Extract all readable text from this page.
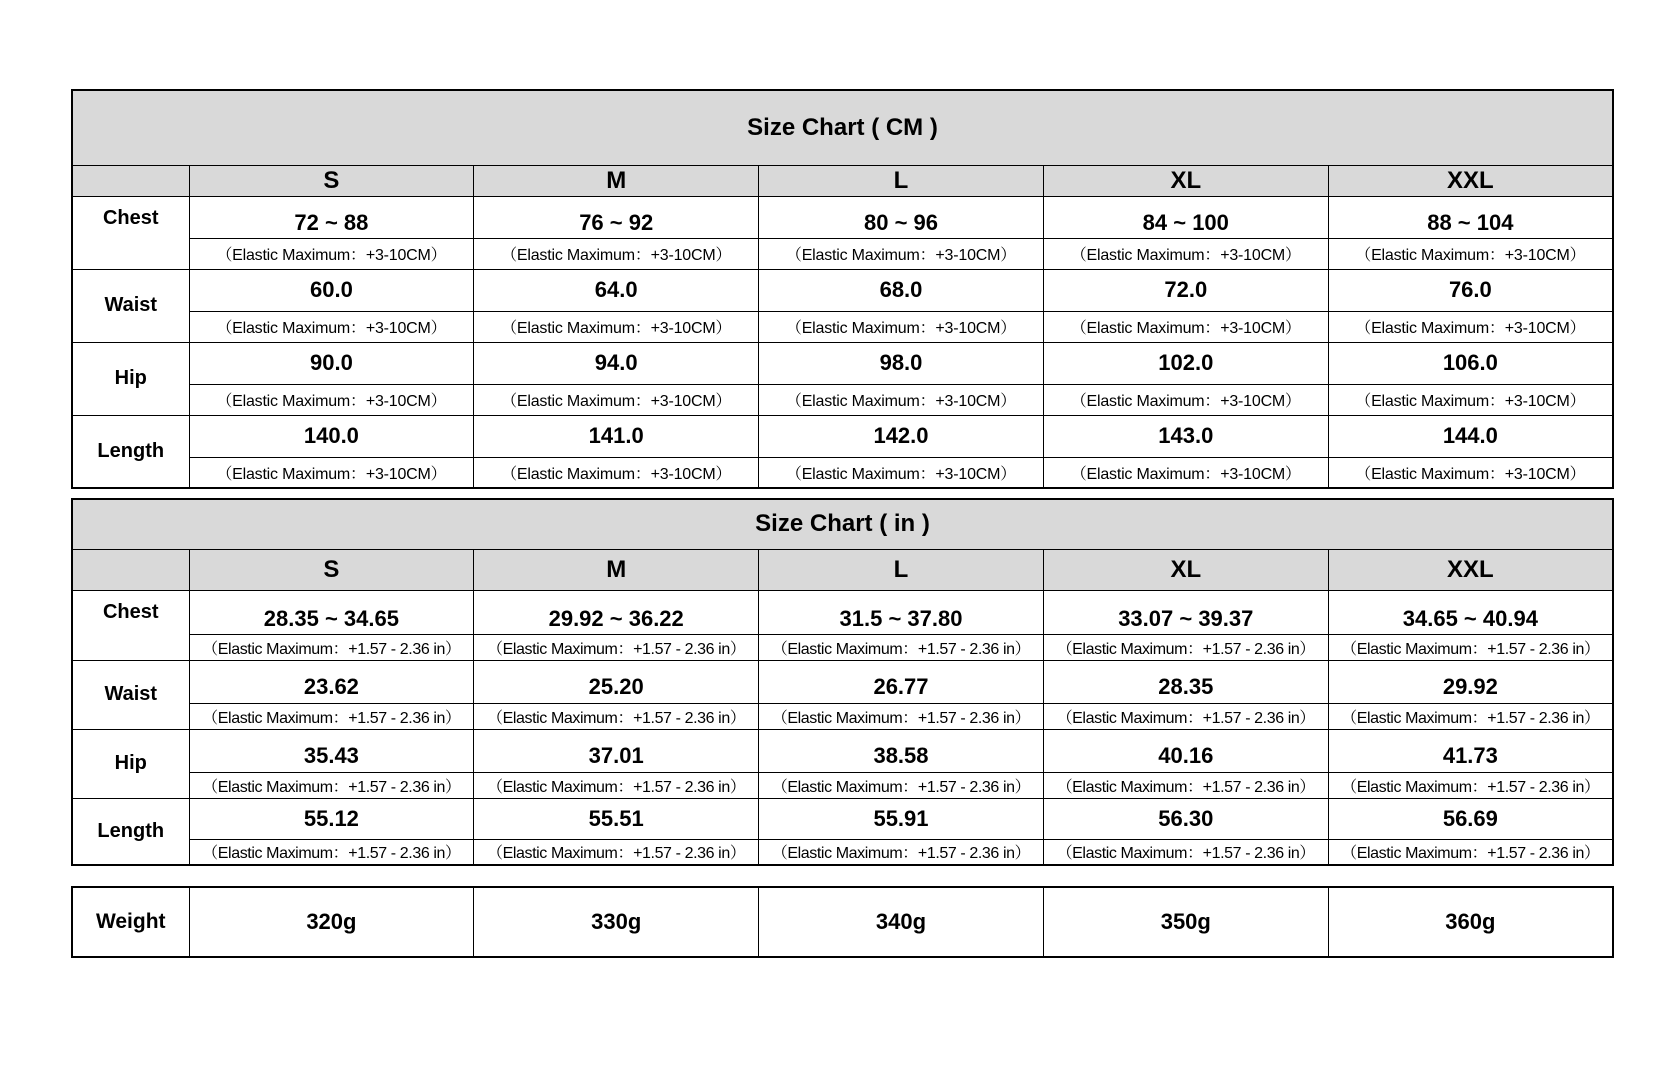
Size Chart ( CM )					
	S	M	L	XL	XXL
Chest	72 ~ 88	76 ~ 92	80 ~ 96	84 ~ 100	88 ~ 104
	（Elastic Maximum：+3-10CM）	（Elastic Maximum：+3-10CM）	（Elastic Maximum：+3-10CM）	（Elastic Maximum：+3-10CM）	（Elastic Maximum：+3-10CM）
Waist	60.0	64.0	68.0	72.0	76.0
	（Elastic Maximum：+3-10CM）	（Elastic Maximum：+3-10CM）	（Elastic Maximum：+3-10CM）	（Elastic Maximum：+3-10CM）	（Elastic Maximum：+3-10CM）
Hip	90.0	94.0	98.0	102.0	106.0
	（Elastic Maximum：+3-10CM）	（Elastic Maximum：+3-10CM）	（Elastic Maximum：+3-10CM）	（Elastic Maximum：+3-10CM）	（Elastic Maximum：+3-10CM）
Length	140.0	141.0	142.0	143.0	144.0
	（Elastic Maximum：+3-10CM）	（Elastic Maximum：+3-10CM）	（Elastic Maximum：+3-10CM）	（Elastic Maximum：+3-10CM）	（Elastic Maximum：+3-10CM）
Size Chart ( in )					
	S	M	L	XL	XXL
Chest	28.35 ~ 34.65	29.92 ~ 36.22	31.5 ~ 37.80	33.07 ~ 39.37	34.65 ~ 40.94
	（Elastic Maximum：+1.57 - 2.36 in）	（Elastic Maximum：+1.57 - 2.36 in）	（Elastic Maximum：+1.57 - 2.36 in）	（Elastic Maximum：+1.57 - 2.36 in）	（Elastic Maximum：+1.57 - 2.36 in）
Waist	23.62	25.20	26.77	28.35	29.92
	（Elastic Maximum：+1.57 - 2.36 in）	（Elastic Maximum：+1.57 - 2.36 in）	（Elastic Maximum：+1.57 - 2.36 in）	（Elastic Maximum：+1.57 - 2.36 in）	（Elastic Maximum：+1.57 - 2.36 in）
Hip	35.43	37.01	38.58	40.16	41.73
	（Elastic Maximum：+1.57 - 2.36 in）	（Elastic Maximum：+1.57 - 2.36 in）	（Elastic Maximum：+1.57 - 2.36 in）	（Elastic Maximum：+1.57 - 2.36 in）	（Elastic Maximum：+1.57 - 2.36 in）
Length	55.12	55.51	55.91	56.30	56.69
	（Elastic Maximum：+1.57 - 2.36 in）	（Elastic Maximum：+1.57 - 2.36 in）	（Elastic Maximum：+1.57 - 2.36 in）	（Elastic Maximum：+1.57 - 2.36 in）	（Elastic Maximum：+1.57 - 2.36 in）
Weight	320g	330g	340g	350g	360g
